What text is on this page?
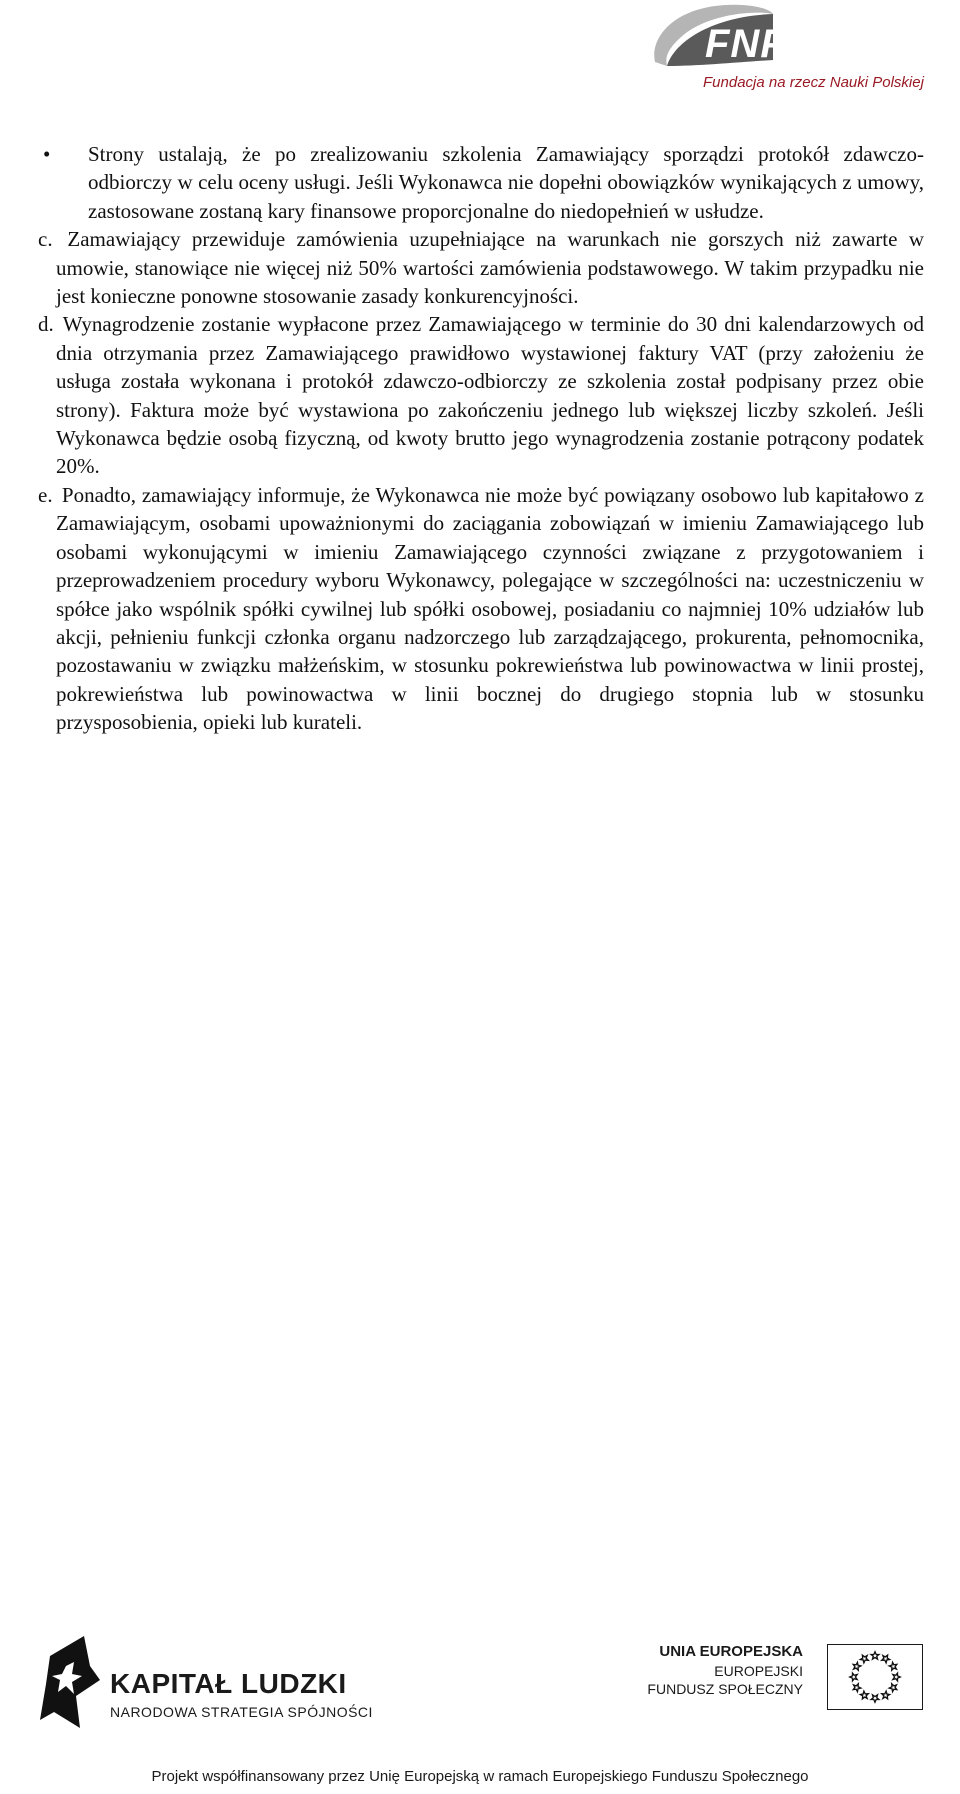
FNP
Fundacja na rzecz Nauki Polskiej

• Strony ustalają, że po zrealizowaniu szkolenia Zamawiający sporządzi protokół zdawczo-odbiorczy w celu oceny usługi. Jeśli Wykonawca nie dopełni obowiązków wynikających z umowy, zastosowane zostaną kary finansowe proporcjonalne do niedopełnień w usłudze.

c. Zamawiający przewiduje zamówienia uzupełniające na warunkach nie gorszych niż zawarte w umowie, stanowiące nie więcej niż 50% wartości zamówienia podstawowego. W takim przypadku nie jest konieczne ponowne stosowanie zasady konkurencyjności.

d. Wynagrodzenie zostanie wypłacone przez Zamawiającego w terminie do 30 dni kalendarzowych od dnia otrzymania przez Zamawiającego prawidłowo wystawionej faktury VAT (przy założeniu że usługa została wykonana i protokół zdawczo-odbiorczy ze szkolenia został podpisany przez obie strony). Faktura może być wystawiona po zakończeniu jednego lub większej liczby szkoleń. Jeśli Wykonawca będzie osobą fizyczną, od kwoty brutto jego wynagrodzenia zostanie potrącony podatek 20%.

e. Ponadto, zamawiający informuje, że Wykonawca nie może być powiązany osobowo lub kapitałowo z Zamawiającym, osobami upoważnionymi do zaciągania zobowiązań w imieniu Zamawiającego lub osobami wykonującymi w imieniu Zamawiającego czynności związane z przygotowaniem i przeprowadzeniem procedury wyboru Wykonawcy, polegające w szczególności na: uczestniczeniu w spółce jako wspólnik spółki cywilnej lub spółki osobowej, posiadaniu co najmniej 10% udziałów lub akcji, pełnieniu funkcji członka organu nadzorczego lub zarządzającego, prokurenta, pełnomocnika, pozostawaniu w związku małżeńskim, w stosunku pokrewieństwa lub powinowactwa w linii prostej, pokrewieństwa lub powinowactwa w linii bocznej do drugiego stopnia lub w stosunku przysposobienia, opieki lub kurateli.

KAPITAŁ LUDZKI
NARODOWA STRATEGIA SPÓJNOŚCI
UNIA EUROPEJSKA
EUROPEJSKI
FUNDUSZ SPOŁECZNY
Projekt współfinansowany przez Unię Europejską w ramach Europejskiego Funduszu Społecznego
